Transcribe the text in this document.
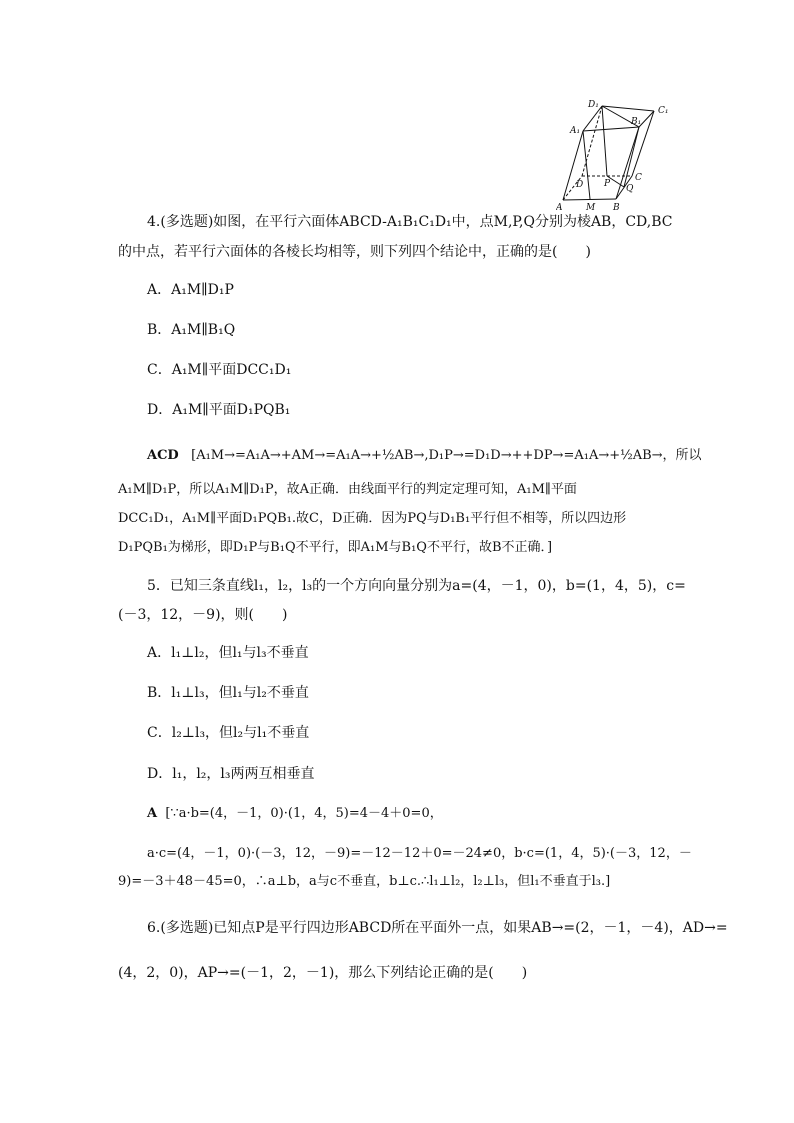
D₁
C₁
A₁
B₁
D P
C
Q
A	M B
4.(多选题)如图，在平行六面体ABCD-A₁B₁C₁D₁中，点M,P,Q分别为棱AB，CD,BC
的中点，若平行六面体的各棱长均相等，则下列四个结论中，正确的是(　　)
A．A₁M∥D₁P
B．A₁M∥B₁Q
C．A₁M∥平面DCC₁D₁
D．A₁M∥平面D₁PQB₁
ACD [A₁M→=A₁A→+AM→=A₁A→+½AB→,D₁P→=D₁D→++DP→=A₁A→+½AB→，所以
A₁M∥D₁P，所以A₁M∥D₁P，故A正确．由线面平行的判定定理可知，A₁M∥平面
DCC₁D₁，A₁M∥平面D₁PQB₁.故C，D正确．因为PQ与D₁B₁平行但不相等，所以四边形
D₁PQB₁为梯形，即D₁P与B₁Q不平行，即A₁M与B₁Q不平行，故B不正确．]
5．已知三条直线l₁，l₂，l₃的一个方向向量分别为a=(4，－1，0)，b=(1，4，5)，c=
(－3，12，－9)，则(　　)
A．l₁⊥l₂，但l₁与l₃不垂直
B．l₁⊥l₃，但l₁与l₂不垂直
C．l₂⊥l₃，但l₂与l₁不垂直
D．l₁，l₂，l₃两两互相垂直
A [∵a·b=(4，－1，0)·(1，4，5)=4－4＋0=0，
a·c=(4，－1，0)·(－3，12，－9)=－12－12＋0=－24≠0，b·c=(1，4，5)·(－3，12，－
9)=－3＋48－45=0，∴a⊥b，a与c不垂直，b⊥c.∴l₁⊥l₂，l₂⊥l₃，但l₁不垂直于l₃.]
6.(多选题)已知点P是平行四边形ABCD所在平面外一点，如果AB→=(2，－1，－4)，AD→=
(4，2，0)，AP→=(－1，2，－1)，那么下列结论正确的是(　　)
